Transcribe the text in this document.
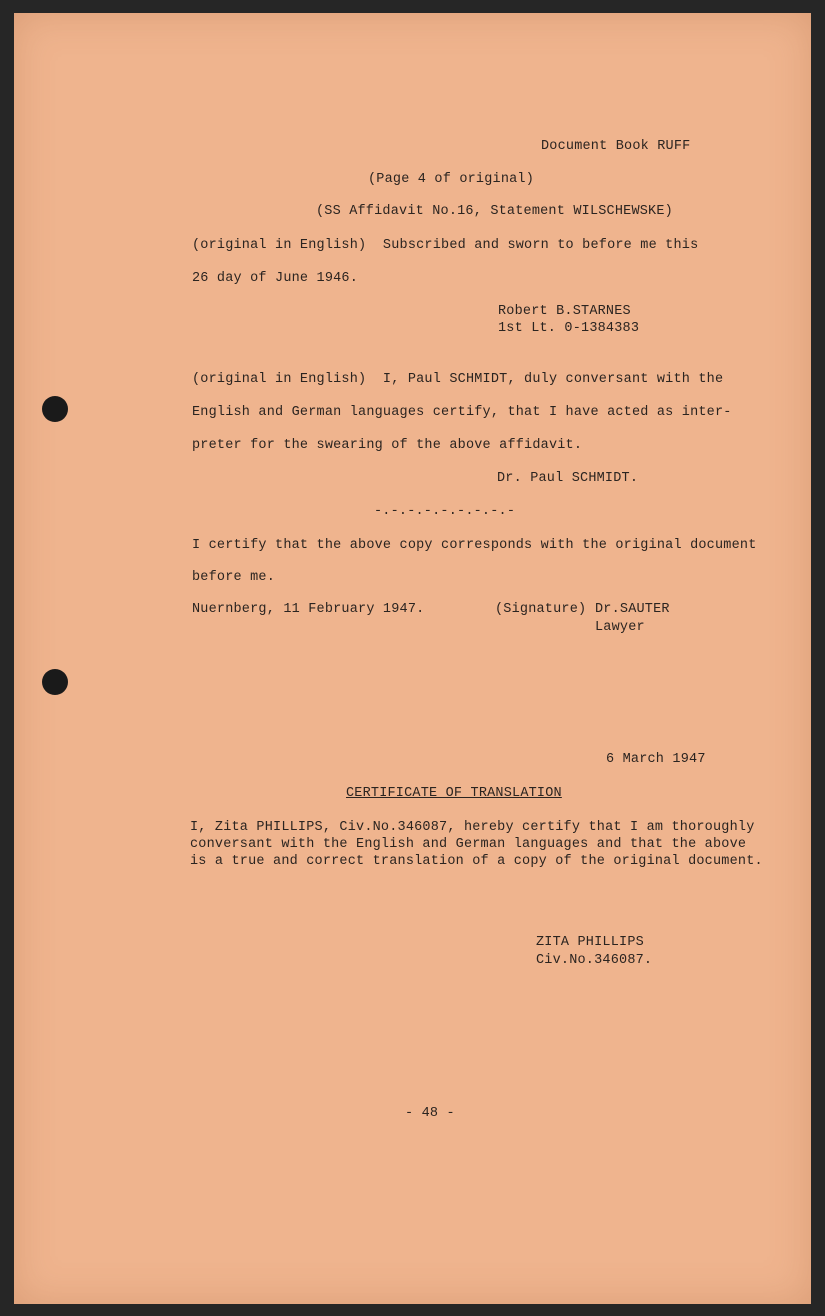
Document Book RUFF
(Page 4 of original)
(SS Affidavit No.16, Statement WILSCHEWSKE)
(original in English)  Subscribed and sworn to before me this
26 day of June 1946.
Robert B.STARNES
1st Lt. 0-1384383
(original in English)  I, Paul SCHMIDT, duly conversant with the
English and German languages certify, that I have acted as inter-
preter for the swearing of the above affidavit.
Dr. Paul SCHMIDT.
-.-.-.-.-.-.-.-.-
I certify that the above copy corresponds with the original document
before me.
Nuernberg, 11 February 1947.	(Signature) Dr.SAUTER
Lawyer
6 March 1947
CERTIFICATE OF TRANSLATION
I, Zita PHILLIPS, Civ.No.346087, hereby certify that I am thoroughly
conversant with the English and German languages and that the above
is a true and correct translation of a copy of the original document.
ZITA PHILLIPS
Civ.No.346087.
- 48 -
